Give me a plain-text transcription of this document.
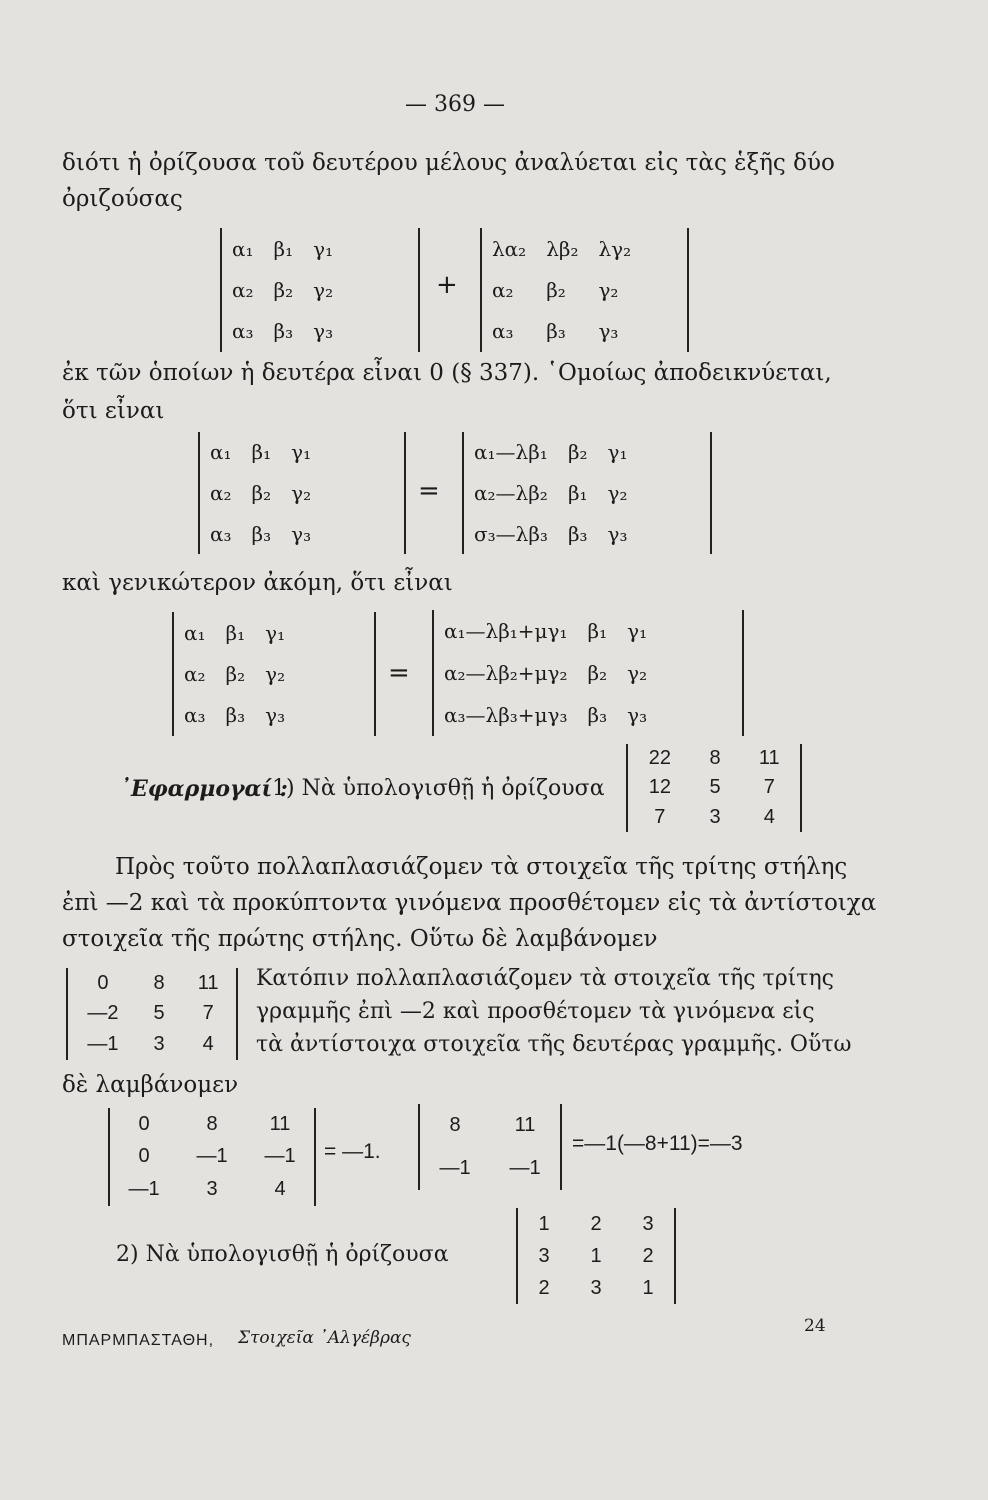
— 369 —
διότι ἡ ὀρίζουσα τοῦ δευτέρου μέλους ἀναλύεται εἰς τὰς ἑξῆς δύο
ὀριζούσας
α₁	β₁	γ₁
α₂	β₂	γ₂
α₃	β₃	γ₃
+
λα₂	λβ₂	λγ₂
α₂	β₂	γ₂
α₃	β₃	γ₃
ἐκ τῶν ὁποίων ἡ δευτέρα εἶναι 0 (§ 337). ῾Ομοίως ἀποδεικνύεται,
ὅτι εἶναι
α₁	β₁	γ₁
α₂	β₂	γ₂
α₃	β₃	γ₃
=
α₁—λβ₁	β₂	γ₁
α₂—λβ₂	β₁	γ₂
σ₃—λβ₃	β₃	γ₃
καὶ γενικώτερον ἀκόμη, ὅτι εἶναι
α₁	β₁	γ₁
α₂	β₂	γ₂
α₃	β₃	γ₃
=
α₁—λβ₁+μγ₁	β₁	γ₁
α₂—λβ₂+μγ₂	β₂	γ₂
α₃—λβ₃+μγ₃	β₃	γ₃
᾿Εφαρμογαί :
1) Νὰ ὑπολογισθῇ ἡ ὀρίζουσα
22	8	11
12	5	7
7	3	4
Πρὸς τοῦτο πολλαπλασιάζομεν τὰ στοιχεῖα τῆς τρίτης στήλης
ἐπὶ —2 καὶ τὰ προκύπτοντα γινόμενα προσθέτομεν εἰς τὰ ἀντίστοιχα
στοιχεῖα τῆς πρώτης στήλης. Οὕτω δὲ λαμβάνομεν
0	8	11
—2	5	7
—1	3	4
Κατόπιν πολλαπλασιάζομεν τὰ στοιχεῖα τῆς τρίτης
γραμμῆς ἐπὶ —2 καὶ προσθέτομεν τὰ γινόμενα εἰς
τὰ ἀντίστοιχα στοιχεῖα τῆς δευτέρας γραμμῆς. Οὕτω
δὲ λαμβάνομεν
0	8	11
0	—1	—1
—1	3	4
= —1.
8	11
—1	—1
=—1(—8+11)=—3
2) Νὰ ὑπολογισθῇ ἡ ὀρίζουσα
1	2	3
3	1	2
2	3	1
24
ΜΠΑΡΜΠΑΣΤΑΘΗ, Στοιχεῖα ᾿Αλγέβρας
